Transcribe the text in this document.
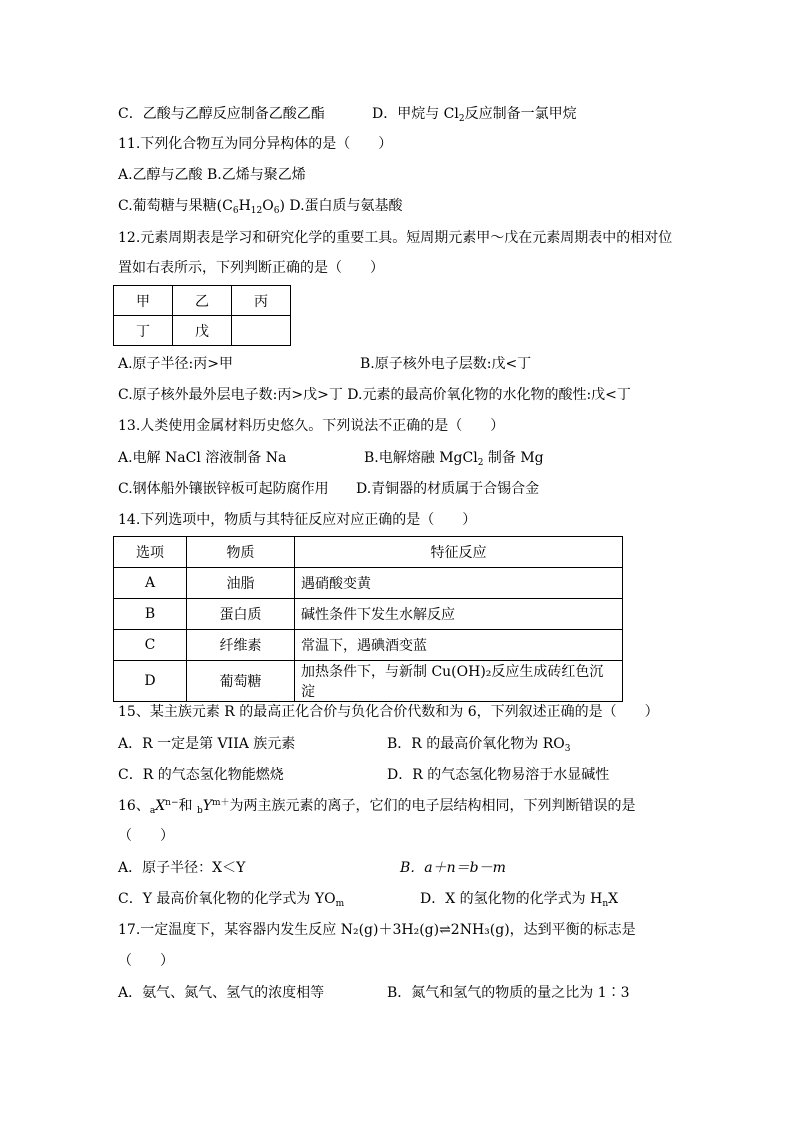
C．乙酸与乙醇反应制备乙酸乙酯	D．甲烷与 $Cl_2$反应制备一氯甲烷
11.下列化合物互为同分异构体的是（　　）
A.乙醇与乙酸 B.乙烯与聚乙烯
C.葡萄糖与果糖$(C_6H_{12}O_6)$ D.蛋白质与氨基酸
12.元素周期表是学习和研究化学的重要工具。短周期元素甲～戊在元素周期表中的相对位
置如右表所示，下列判断正确的是（　　）
甲	乙	丙
丁	戊	
A.原子半径:丙>甲	B.原子核外电子层数:戊<丁
C.原子核外最外层电子数:丙>戊>丁 D.元素的最高价氧化物的水化物的酸性:戊<丁
13.人类使用金属材料历史悠久。下列说法不正确的是（　　）
A.电解 NaCl 溶液制备 Na	B.电解熔融 MgCl$_2$ 制备 Mg
C.钢体船外镶嵌锌板可起防腐作用 D.青铜器的材质属于合锡合金
14.下列选项中，物质与其特征反应对应正确的是（　　）
选项	物质	特征反应
A	油脂	遇硝酸变黄
B	蛋白质	碱性条件下发生水解反应
C	纤维素	常温下，遇碘酒变蓝
D	葡萄糖	加热条件下，与新制 Cu(OH)₂反应生成砖红色沉淀
15、某主族元素 R 的最高正化合价与负化合价代数和为 6，下列叙述正确的是（　　）
A．R 一定是第 VIIA 族元素	B．R 的最高价氧化物为 $RO_3$
C．R 的气态氢化物能燃烧	D．R 的气态氢化物易溶于水显碱性
16、$_aX^{n-}$和 $_bY^{m+}$为两主族元素的离子，它们的电子层结构相同，下列判断错误的是
（　　）
A．原子半径：X＜Y	B．a＋n＝b－m
C．Y 最高价氧化物的化学式为 $YO_m$	D．X 的氢化物的化学式为 $H_nX$
17.一定温度下，某容器内发生反应 N₂(g)＋3H₂(g)⇌2NH₃(g)，达到平衡的标志是
（　　）
A．氨气、氮气、氢气的浓度相等	B．氮气和氢气的物质的量之比为 1∶3
